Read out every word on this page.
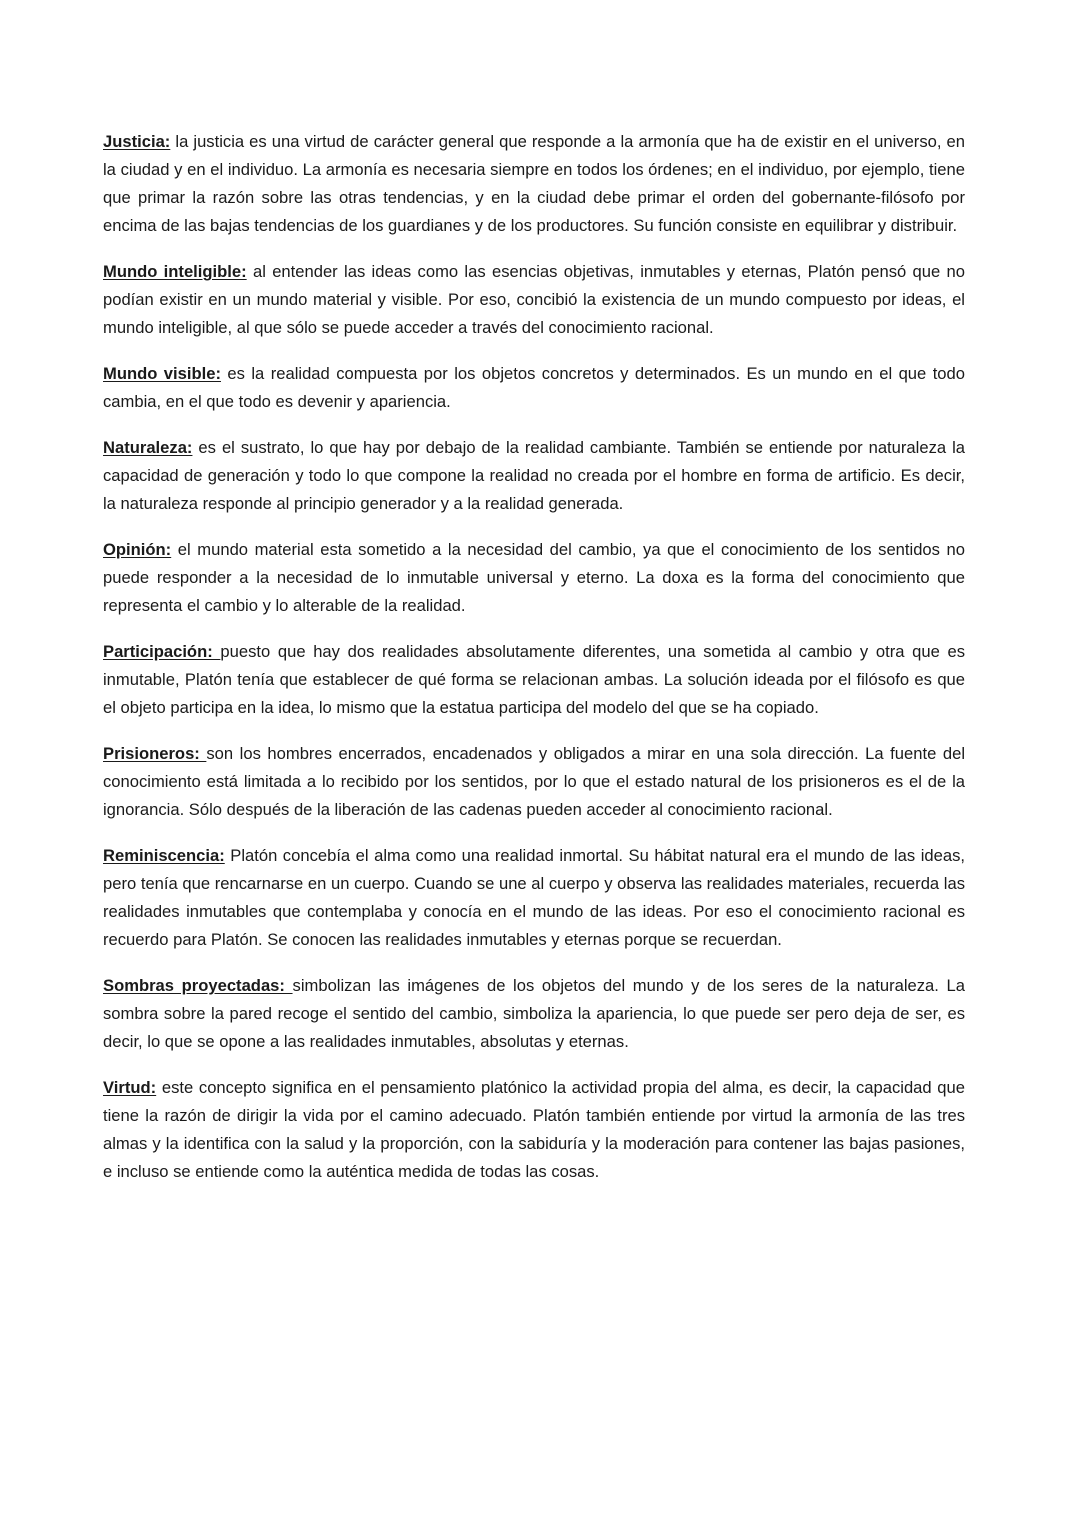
Justicia: la justicia es una virtud de carácter general que responde a la armonía que ha de existir en el universo, en la ciudad y en el individuo. La armonía es necesaria siempre en todos los órdenes; en el individuo, por ejemplo, tiene que primar la razón sobre las otras tendencias, y en la ciudad debe primar el orden del gobernante-filósofo por encima de las bajas tendencias de los guardianes y de los productores. Su función consiste en equilibrar y distribuir.

Mundo inteligible: al entender las ideas como las esencias objetivas, inmutables y eternas, Platón pensó que no podían existir en un mundo material y visible. Por eso, concibió la existencia de un mundo compuesto por ideas, el mundo inteligible, al que sólo se puede acceder a través del conocimiento racional.

Mundo visible: es la realidad compuesta por los objetos concretos y determinados. Es un mundo en el que todo cambia, en el que todo es devenir y apariencia.

Naturaleza: es el sustrato, lo que hay por debajo de la realidad cambiante. También se entiende por naturaleza la capacidad de generación y todo lo que compone la realidad no creada por el hombre en forma de artificio. Es decir, la naturaleza responde al principio generador y a la realidad generada.

Opinión: el mundo material esta sometido a la necesidad del cambio, ya que el conocimiento de los sentidos no puede responder a la necesidad de lo inmutable universal y eterno. La doxa es la forma del conocimiento que representa el cambio y lo alterable de la realidad.

Participación: puesto que hay dos realidades absolutamente diferentes, una sometida al cambio y otra que es inmutable, Platón tenía que establecer de qué forma se relacionan ambas. La solución ideada por el filósofo es que el objeto participa en la idea, lo mismo que la estatua participa del modelo del que se ha copiado.

Prisioneros: son los hombres encerrados, encadenados y obligados a mirar en una sola dirección. La fuente del conocimiento está limitada a lo recibido por los sentidos, por lo que el estado natural de los prisioneros es el de la ignorancia. Sólo después de la liberación de las cadenas pueden acceder al conocimiento racional.

Reminiscencia: Platón concebía el alma como una realidad inmortal. Su hábitat natural era el mundo de las ideas, pero tenía que rencarnarse en un cuerpo. Cuando se une al cuerpo y observa las realidades materiales, recuerda las realidades inmutables que contemplaba y conocía en el mundo de las ideas. Por eso el conocimiento racional es recuerdo para Platón. Se conocen las realidades inmutables y eternas porque se recuerdan.

Sombras proyectadas: simbolizan las imágenes de los objetos del mundo y de los seres de la naturaleza. La sombra sobre la pared recoge el sentido del cambio, simboliza la apariencia, lo que puede ser pero deja de ser, es decir, lo que se opone a las realidades inmutables, absolutas y eternas.

Virtud: este concepto significa en el pensamiento platónico la actividad propia del alma, es decir, la capacidad que tiene la razón de dirigir la vida por el camino adecuado. Platón también entiende por virtud la armonía de las tres almas y la identifica con la salud y la proporción, con la sabiduría y la moderación para contener las bajas pasiones, e incluso se entiende como la auténtica medida de todas las cosas.
